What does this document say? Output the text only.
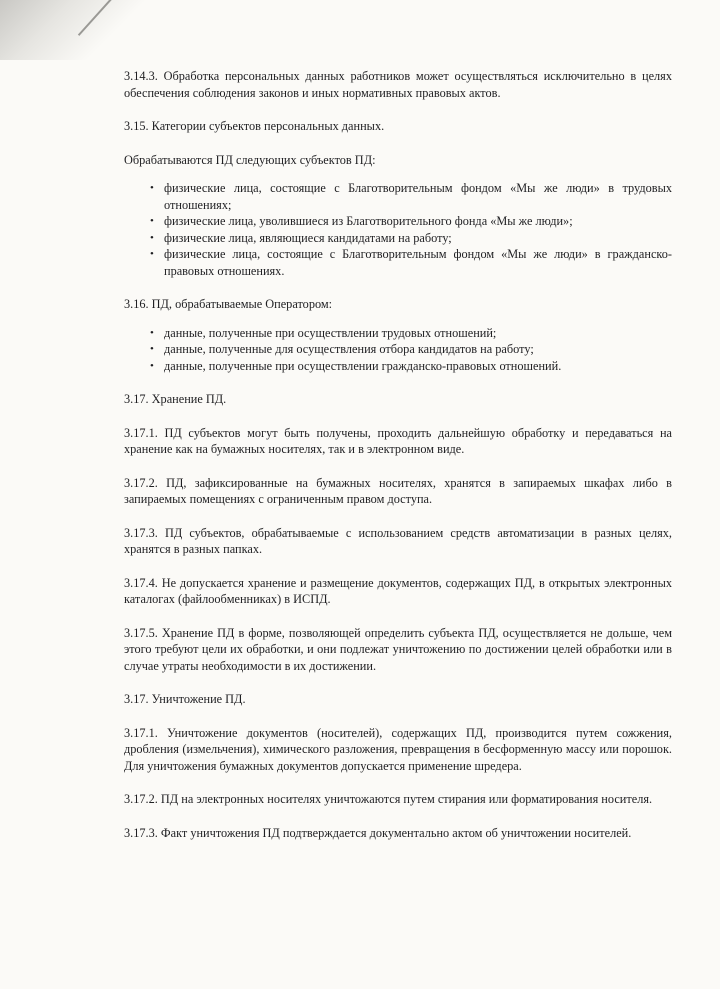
3.14.3. Обработка персональных данных работников может осуществляться исключительно в целях обеспечения соблюдения законов и иных нормативных правовых актов.

3.15. Категории субъектов персональных данных.

Обрабатываются ПД следующих субъектов ПД:

• физические лица, состоящие с Благотворительным фондом «Мы же люди» в трудовых отношениях;
• физические лица, уволившиеся из Благотворительного фонда «Мы же люди»;
• физические лица, являющиеся кандидатами на работу;
• физические лица, состоящие с Благотворительным фондом «Мы же люди» в гражданско-правовых отношениях.

3.16. ПД, обрабатываемые Оператором:

• данные, полученные при осуществлении трудовых отношений;
• данные, полученные для осуществления отбора кандидатов на работу;
• данные, полученные при осуществлении гражданско-правовых отношений.

3.17. Хранение ПД.

3.17.1. ПД субъектов могут быть получены, проходить дальнейшую обработку и передаваться на хранение как на бумажных носителях, так и в электронном виде.

3.17.2. ПД, зафиксированные на бумажных носителях, хранятся в запираемых шкафах либо в запираемых помещениях с ограниченным правом доступа.

3.17.3. ПД субъектов, обрабатываемые с использованием средств автоматизации в разных целях, хранятся в разных папках.

3.17.4. Не допускается хранение и размещение документов, содержащих ПД, в открытых электронных каталогах (файлообменниках) в ИСПД.

3.17.5. Хранение ПД в форме, позволяющей определить субъекта ПД, осуществляется не дольше, чем этого требуют цели их обработки, и они подлежат уничтожению по достижении целей обработки или в случае утраты необходимости в их достижении.

3.17. Уничтожение ПД.

3.17.1. Уничтожение документов (носителей), содержащих ПД, производится путем сожжения, дробления (измельчения), химического разложения, превращения в бесформенную массу или порошок. Для уничтожения бумажных документов допускается применение шредера.

3.17.2. ПД на электронных носителях уничтожаются путем стирания или форматирования носителя.

3.17.3. Факт уничтожения ПД подтверждается документально актом об уничтожении носителей.
